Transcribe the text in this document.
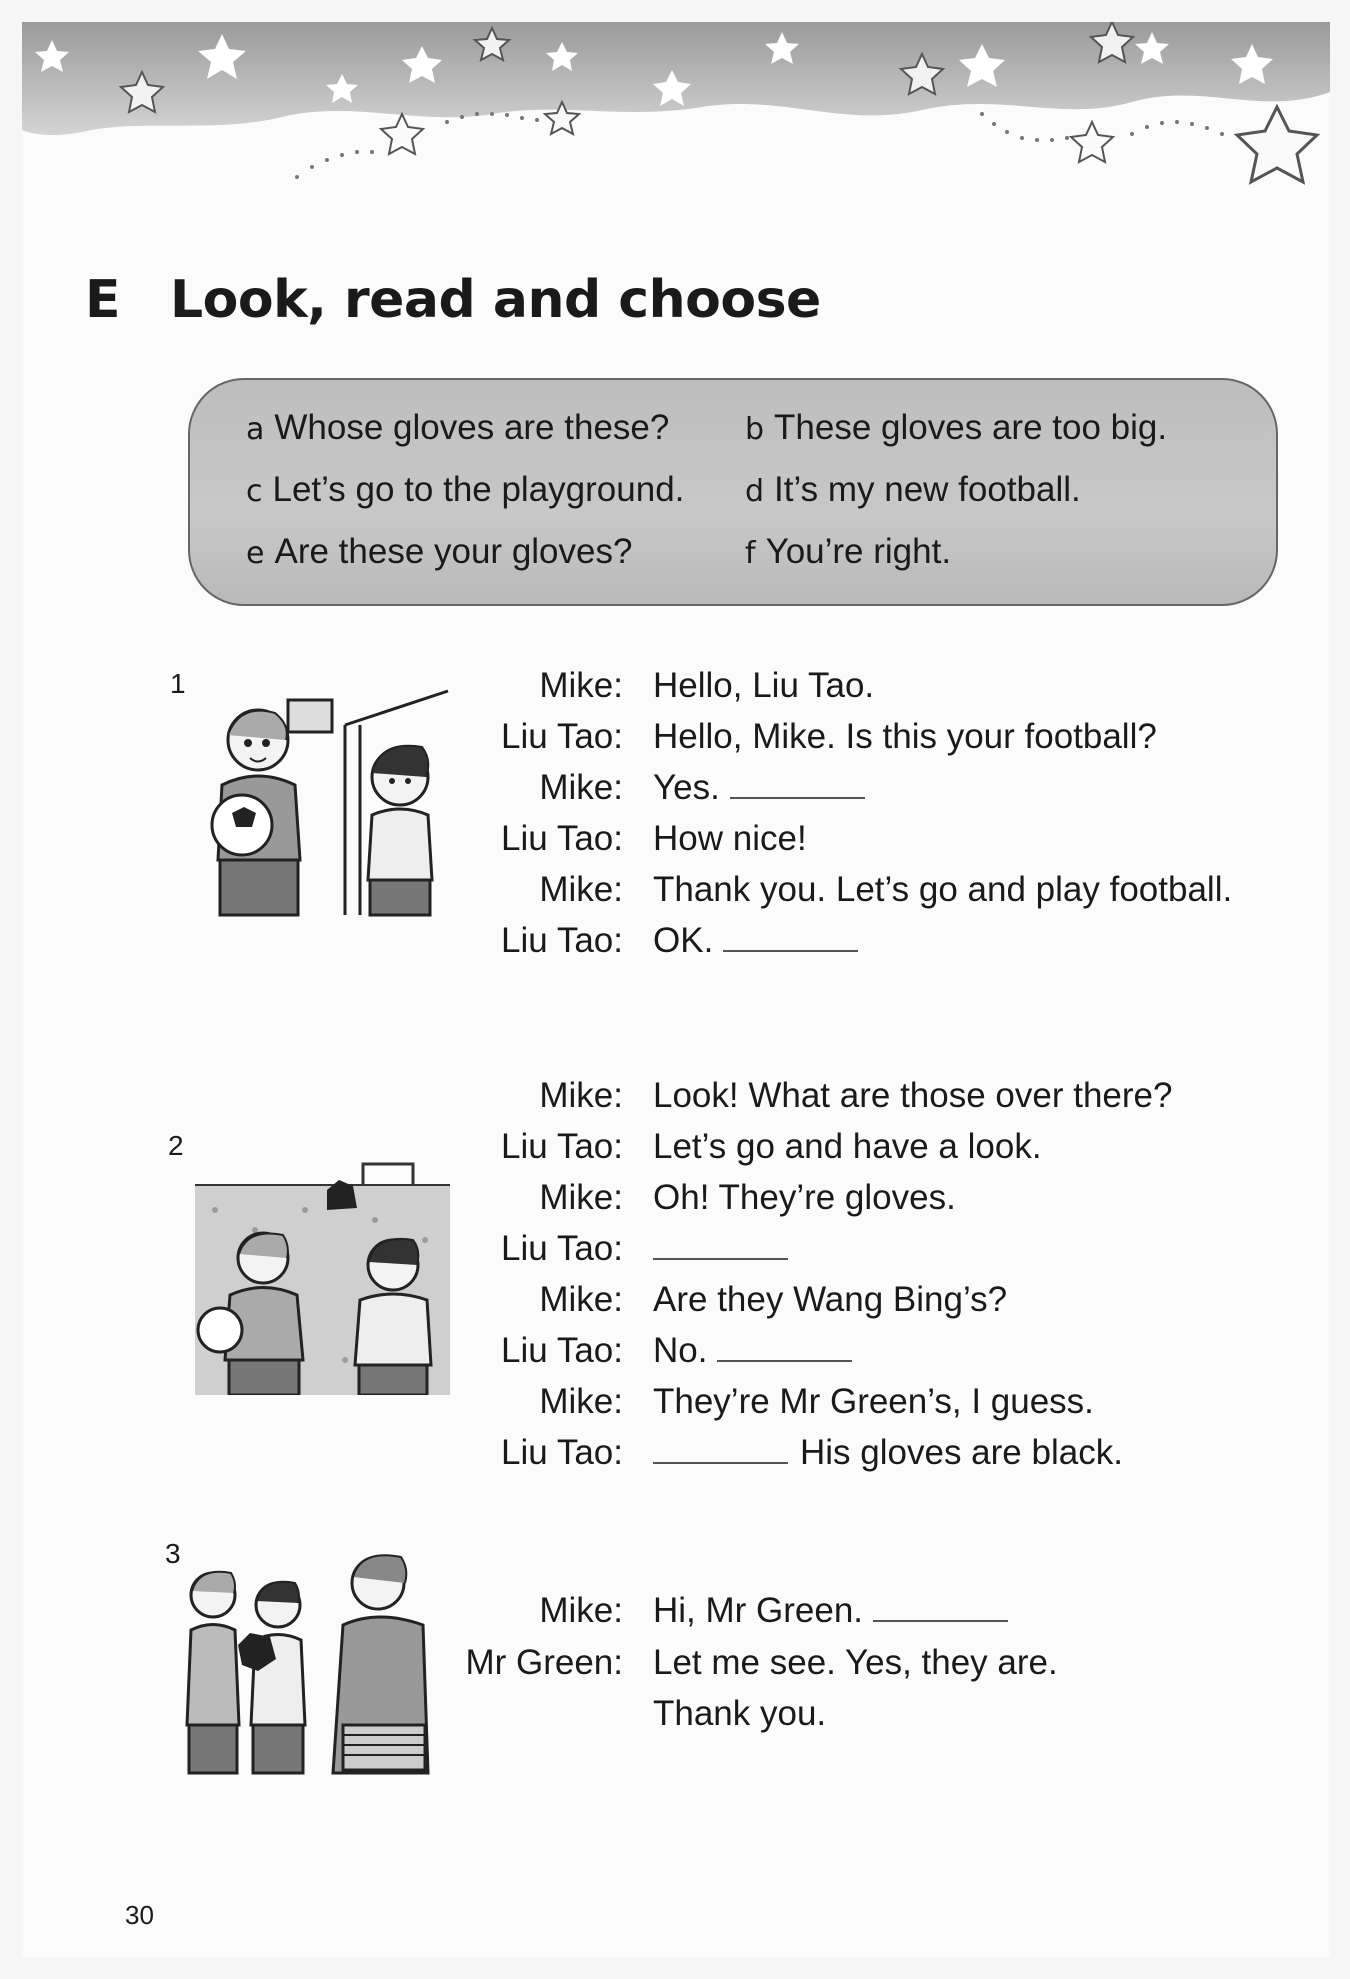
E Look, read and choose
a Whose gloves are these?	b These gloves are too big.
c Let’s go to the playground. d It’s my new football.
e Are these your gloves?	f You’re right.
1	Mike: Hello, Liu Tao.
Liu Tao: Hello, Mike. Is this your football?
Mike: Yes.
Liu Tao: How nice!
Mike: Thank you. Let’s go and play football.
Liu Tao: OK.
2
Mike: Look! What are those over there?
Liu Tao: Let’s go and have a look.
Mike: Oh! They’re gloves.
Liu Tao:
Mike: Are they Wang Bing’s?
Liu Tao: No.
Mike: They’re Mr Green’s, I guess.
Liu Tao:	His gloves are black.
3
Mike: Hi, Mr Green.
Mr Green: Let me see. Yes, they are.
Thank you.
30
